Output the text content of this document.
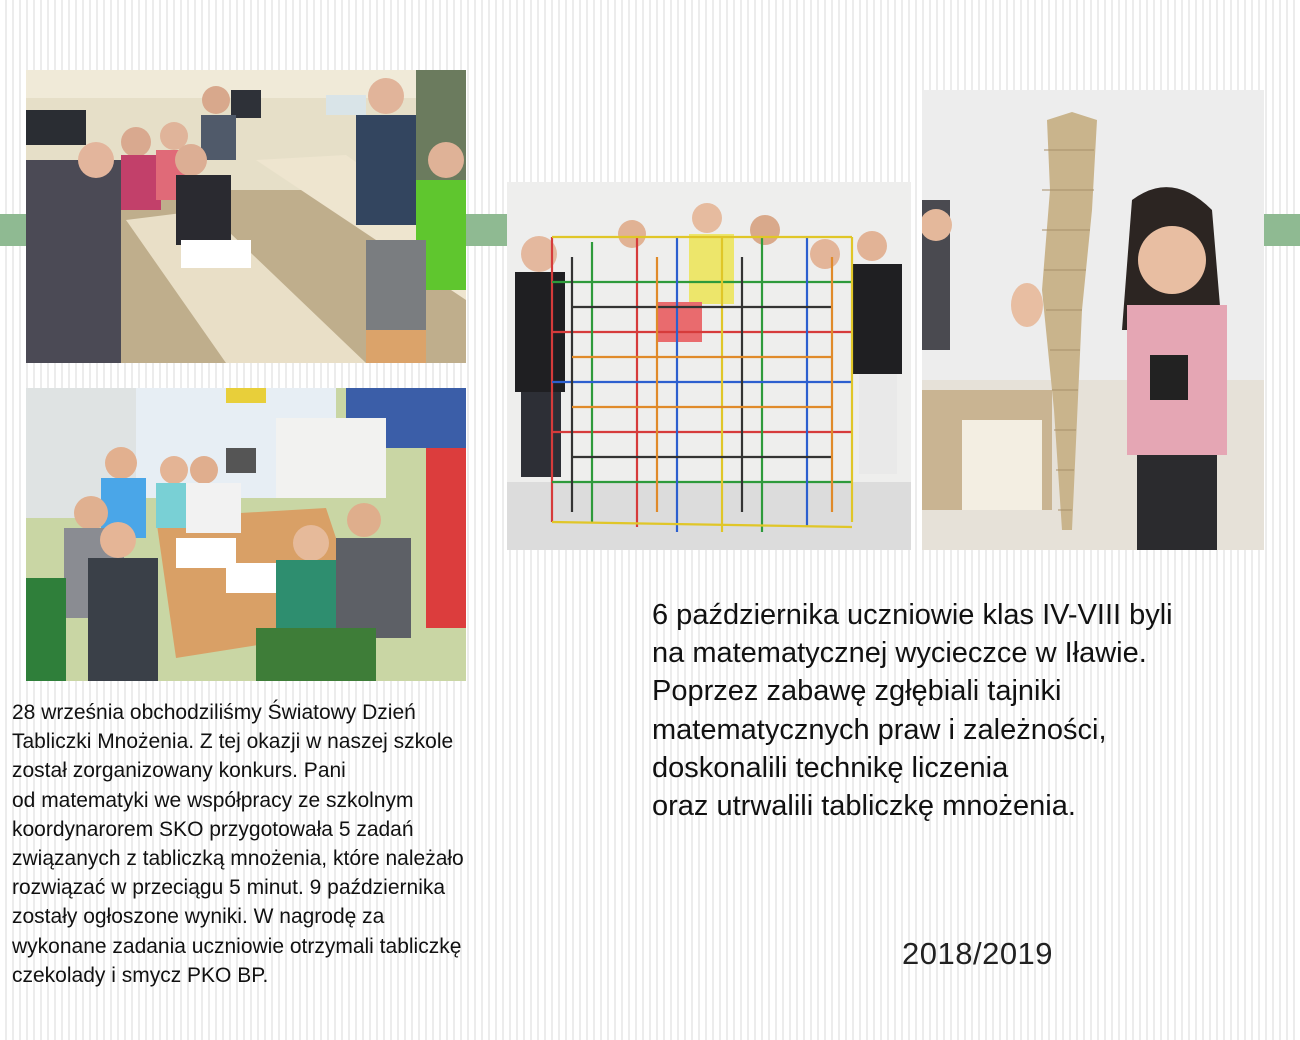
28 września obchodziliśmy Światowy Dzień
Tabliczki Mnożenia. Z tej okazji w naszej szkole
został zorganizowany konkurs. Pani
od matematyki we współpracy ze szkolnym
koordynarorem SKO przygotowała 5 zadań
związanych z tabliczką mnożenia, które należało
rozwiązać w przeciągu 5 minut. 9 października
zostały ogłoszone wyniki. W nagrodę za
wykonane zadania uczniowie otrzymali tabliczkę
czekolady i smycz PKO BP.

6 października uczniowie klas IV-VIII byli
na matematycznej wycieczce w Iławie.
Poprzez zabawę zgłębiali tajniki
matematycznych praw i zależności,
doskonalili technikę liczenia
oraz utrwalili tabliczkę mnożenia.

2018/2019
